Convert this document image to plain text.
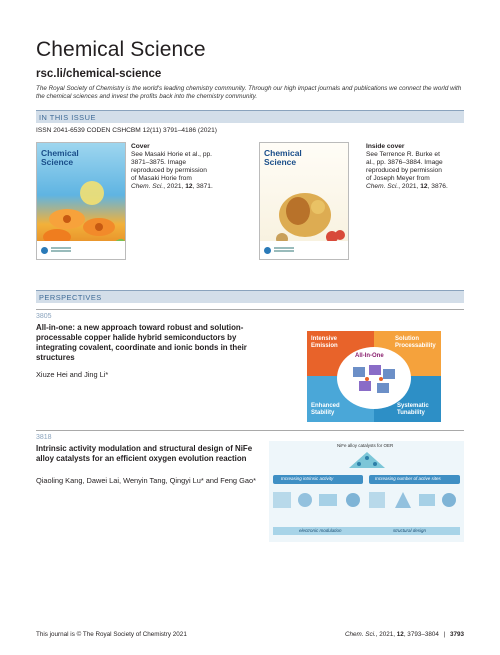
Chemical Science
rsc.li/chemical-science
The Royal Society of Chemistry is the world's leading chemistry community. Through our high impact journals and publications we connect the world with the chemical sciences and invest the profits back into the chemistry community.
IN THIS ISSUE
ISSN 2041-6539 CODEN CSHCBM 12(11) 3791–4186 (2021)
Chemical Science
Cover
See Masaki Horie et al., pp. 3871–3875. Image reproduced by permission of Masaki Horie from Chem. Sci., 2021, 12, 3871.
Chemical Science
Inside cover
See Terrence R. Burke et al., pp. 3876–3884. Image reproduced by permission of Joseph Meyer from Chem. Sci., 2021, 12, 3876.
PERSPECTIVES
3805
All-in-one: a new approach toward robust and solution-processable copper halide hybrid semiconductors by integrating covalent, coordinate and ionic bonds in their structures
Xiuze Hei and Jing Li*
Intensive Emission
Solution Processability
All-In-One
Enhanced Stability
Systematic Tunability
3818
Intrinsic activity modulation and structural design of NiFe alloy catalysts for an efficient oxygen evolution reaction
Qiaoling Kang, Dawei Lai, Wenyin Tang, Qingyi Lu* and Feng Gao*
NiFe alloy catalysts for OER
Increasing intrinsic activity	Increasing number of active sites
electronic modulation	structural design
This journal is © The Royal Society of Chemistry 2021	Chem. Sci., 2021, 12, 3793–3804 | 3793
